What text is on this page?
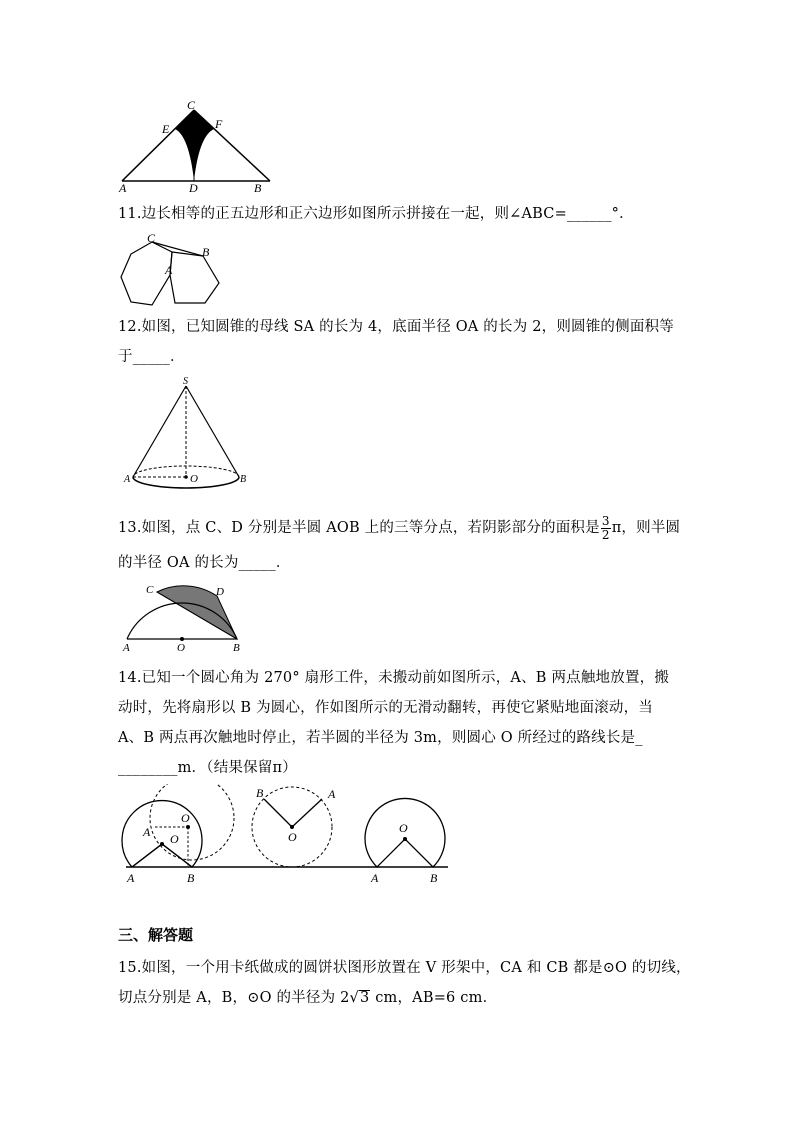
C
E	F
A	D	B
11.边长相等的正五边形和正六边形如图所示拼接在一起，则∠ABC=______°．
C
B
A
12.如图，已知圆锥的母线 SA 的长为 4，底面半径 OA 的长为 2，则圆锥的侧面积等
于_____．
S
A	O	B
13.如图，点 C、D 分别是半圆 AOB 上的三等分点，若阴影部分的面积是 $\frac{3}{2}$ π，则半圆
的半径 OA 的长为_____．
C	D
A	O	B
14.已知一个圆心角为 270° 扇形工件，未搬动前如图所示，A、B 两点触地放置，搬
动时，先将扇形以 B 为圆心，作如图所示的无滑动翻转，再使它紧贴地面滚动，当
A、B 两点再次触地时停止，若半圆的半径为 3m，则圆心 O 所经过的路线长是_
________m．（结果保留π）
A
O
O
A
B
B
O
A
O
A	B
三、解答题
15.如图，一个用卡纸做成的圆饼状图形放置在 V 形架中，CA 和 CB 都是⊙O 的切线，
切点分别是 A，B，⊙O 的半径为 2√3 cm，AB=6 cm．
